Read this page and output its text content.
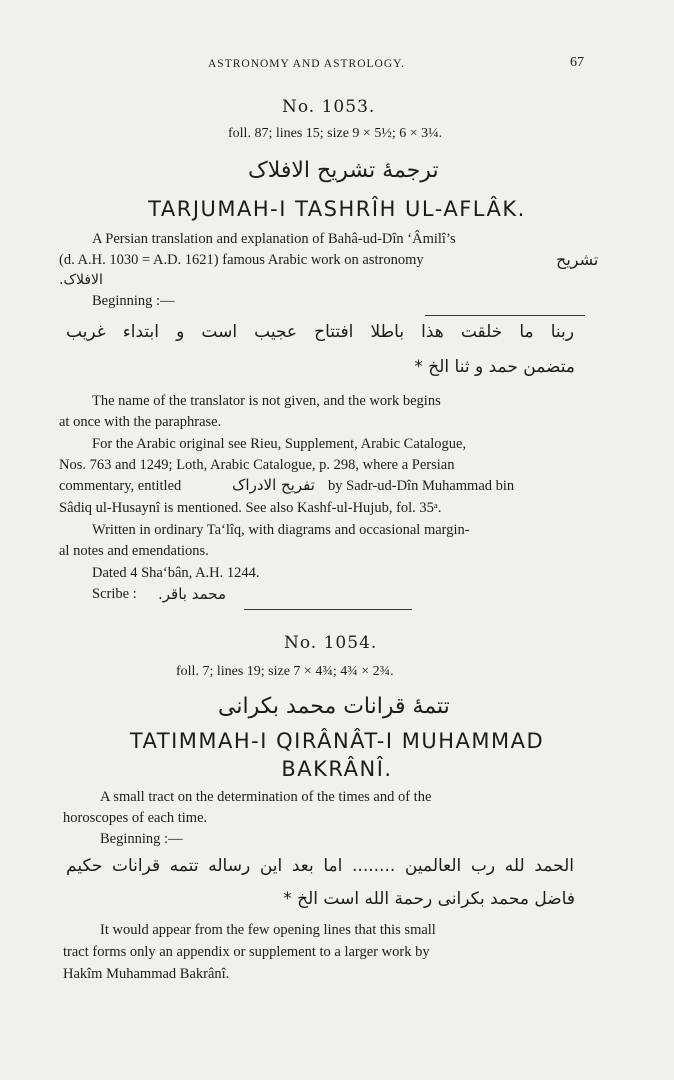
ASTRONOMY AND ASTROLOGY.	67
No. 1053.
foll. 87; lines 15; size 9 × 5½; 6 × 3¼.
ترجمهٔ تشریح الافلاک
TARJUMAH-I TASHRÎH UL-AFLÂK.
A Persian translation and explanation of Bahâ-ud-Dîn ‘Âmilî’s
(d. A.H. 1030 = A.D. 1621) famous Arabic work on astronomy	تشریح
الافلاک.
Beginning :—
ربنا ما خلقت هذا باطلا افتتاح عجیب است و ابتداء غریب
متضمن حمد و ثنا الخ *
The name of the translator is not given, and the work begins
at once with the paraphrase.
For the Arabic original see Rieu, Supplement, Arabic Catalogue,
Nos. 763 and 1249; Loth, Arabic Catalogue, p. 298, where a Persian
commentary, entitled	تفریح الادراک by Sadr-ud-Dîn Muhammad bin
Sâdiq ul-Husaynî is mentioned. See also Kashf-ul-Hujub, fol. 35ᵃ.
Written in ordinary Ta‘lîq, with diagrams and occasional margin-
al notes and emendations.
Dated 4 Sha‘bân, A.H. 1244.
Scribe : محمد باقر.
No. 1054.
foll. 7; lines 19; size 7 × 4¾; 4¾ × 2¾.
تتمهٔ قرانات محمد بکرانی
TATIMMAH-I QIRÂNÂT-I MUHAMMAD
BAKRÂNÎ.
A small tract on the determination of the times and of the
horoscopes of each time.
Beginning :—
الحمد لله رب العالمین ........ اما بعد این رساله تتمه قرانات حکیم
فاضل محمد بکرانی رحمة الله است الخ *
It would appear from the few opening lines that this small
tract forms only an appendix or supplement to a larger work by
Hakîm Muhammad Bakrânî.
